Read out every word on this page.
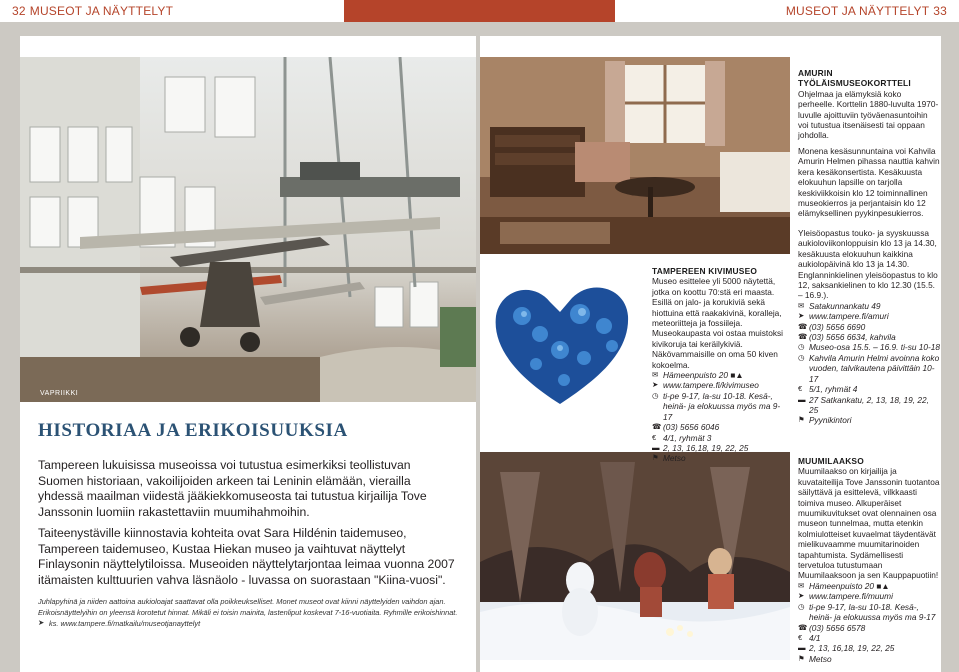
32 MUSEOT JA NÄYTTELYT	MUSEOT JA NÄYTTELYT 33
VAPRIIKKI
HISTORIAA JA ERIKOISUUKSIA

Tampereen lukuisissa museoissa voi tutustua esimerkiksi teollistuvan Suomen historiaan, vakoilijoiden arkeen tai Leninin elämään, vierailla yhdessä maailman viidestä jääkiekkomuseosta tai tutustua kirjailija Tove Janssonin luomiin rakastettaviin muumihahmoihin.

Taiteenystäville kiinnostavia kohteita ovat Sara Hildénin taidemuseo, Tampereen taidemuseo, Kustaa Hiekan museo ja vaihtuvat näyttelyt Finlaysonin näyttelytiloissa. Museoiden näyttelytarjontaa leimaa vuonna 2007 itämaisten kulttuurien vahva läsnäolo - luvassa on suorastaan "Kiina-vuosi".

Juhlapyhinä ja niiden aattoina aukioloajat saattavat olla poikkeukselliset. Monet museot ovat kiinni näyttelyiden vaihdon ajan. Erikoisnäyttelyihin on yleensä korotetut hinnat. Mikäli ei toisin mainita, lastenliput koskevat 7-16-vuotiaita. Ryhmille erikoishinnat.

➤ ks. www.tampere.fi/matkailu/museotjanayttelyt
AMURIN
TYÖLÄISMUSEOKORTTELI

Ohjelmaa ja elämyksiä koko perheelle. Korttelin 1880-luvulta 1970-luvulle ajoittuviin työväenasuntoihin voi tutustua itsenäisesti tai oppaan johdolla.

Monena kesäsunnuntaina voi Kahvila Amurin Helmen pihassa nauttia kahvin kera kesäkonsertista. Kesäkuusta elokuuhun lapsille on tarjolla keskiviikkoisin klo 12 toiminnallinen museokierros ja perjantaisin klo 12 elämyksellinen pyykinpesukierros.

Yleisöopastus touko- ja syyskuussa aukioloviikonloppuisin klo 13 ja 14.30, kesäkuusta elokuuhun kaikkina aukiolopäivinä klo 13 ja 14.30. Englanninkielinen yleisöopastus to klo 12, saksankielinen to klo 12.30 (15.5. – 16.9.).

✉ Satakunnankatu 49
➤ www.tampere.fi/amuri
☎ (03) 5656 6690
☎ (03) 5656 6634, kahvila
◷ Museo-osa 15.5. – 16.9. ti-su 10-18
◷ Kahvila Amurin Helmi avoinna koko vuoden, talvikautena päivittäin 10-17
€ 5/1, ryhmät 4
▬ 27 Satkankatu, 2, 13, 18, 19, 22, 25
⚑ Pyynikintori
TAMPEREEN KIVIMUSEO

Museo esittelee yli 5000 näytettä, jotka on koottu 70:stä eri maasta. Esillä on jalo- ja korukiviä sekä hiottuina että raakakivinä, koralleja, meteoriitteja ja fossiileja. Museokaupasta voi ostaa muistoksi kivikoruja tai keräilykiviä. Näkövammaisille on oma 50 kiven kokoelma.

✉ Hämeenpuisto 20 ■▲
➤ www.tampere.fi/kivimuseo
◷ ti-pe 9-17, la-su 10-18. Kesä-, heinä- ja elokuussa myös ma 9-17
☎ (03) 5656 6046
€ 4/1, ryhmät 3
▬ 2, 13, 16,18, 19, 22, 25
⚑ Metso	MUUMILAAKSO

Muumilaakso on kirjailija ja kuvataiteilija Tove Janssonin tuotantoa säilyttävä ja esittelevä, vilkkaasti toimiva museo. Alkuperäiset muumikuvitukset ovat olennainen osa museon tunnelmaa, mutta etenkin kolmiulotteiset kuvaelmat täydentävät mielikuvaamme muumitarinoiden tapahtumista. Sydämellisesti tervetuloa tutustumaan Muumilaaksoon ja sen Kauppapuotiin!

✉ Hämeenpuisto 20 ■▲
➤ www.tampere.fi/muumi
◷ ti-pe 9-17, la-su 10-18. Kesä-, heinä- ja elokuussa myös ma 9-17
☎ (03) 5656 6578
€ 4/1
▬ 2, 13, 16,18, 19, 22, 25
⚑ Metso
